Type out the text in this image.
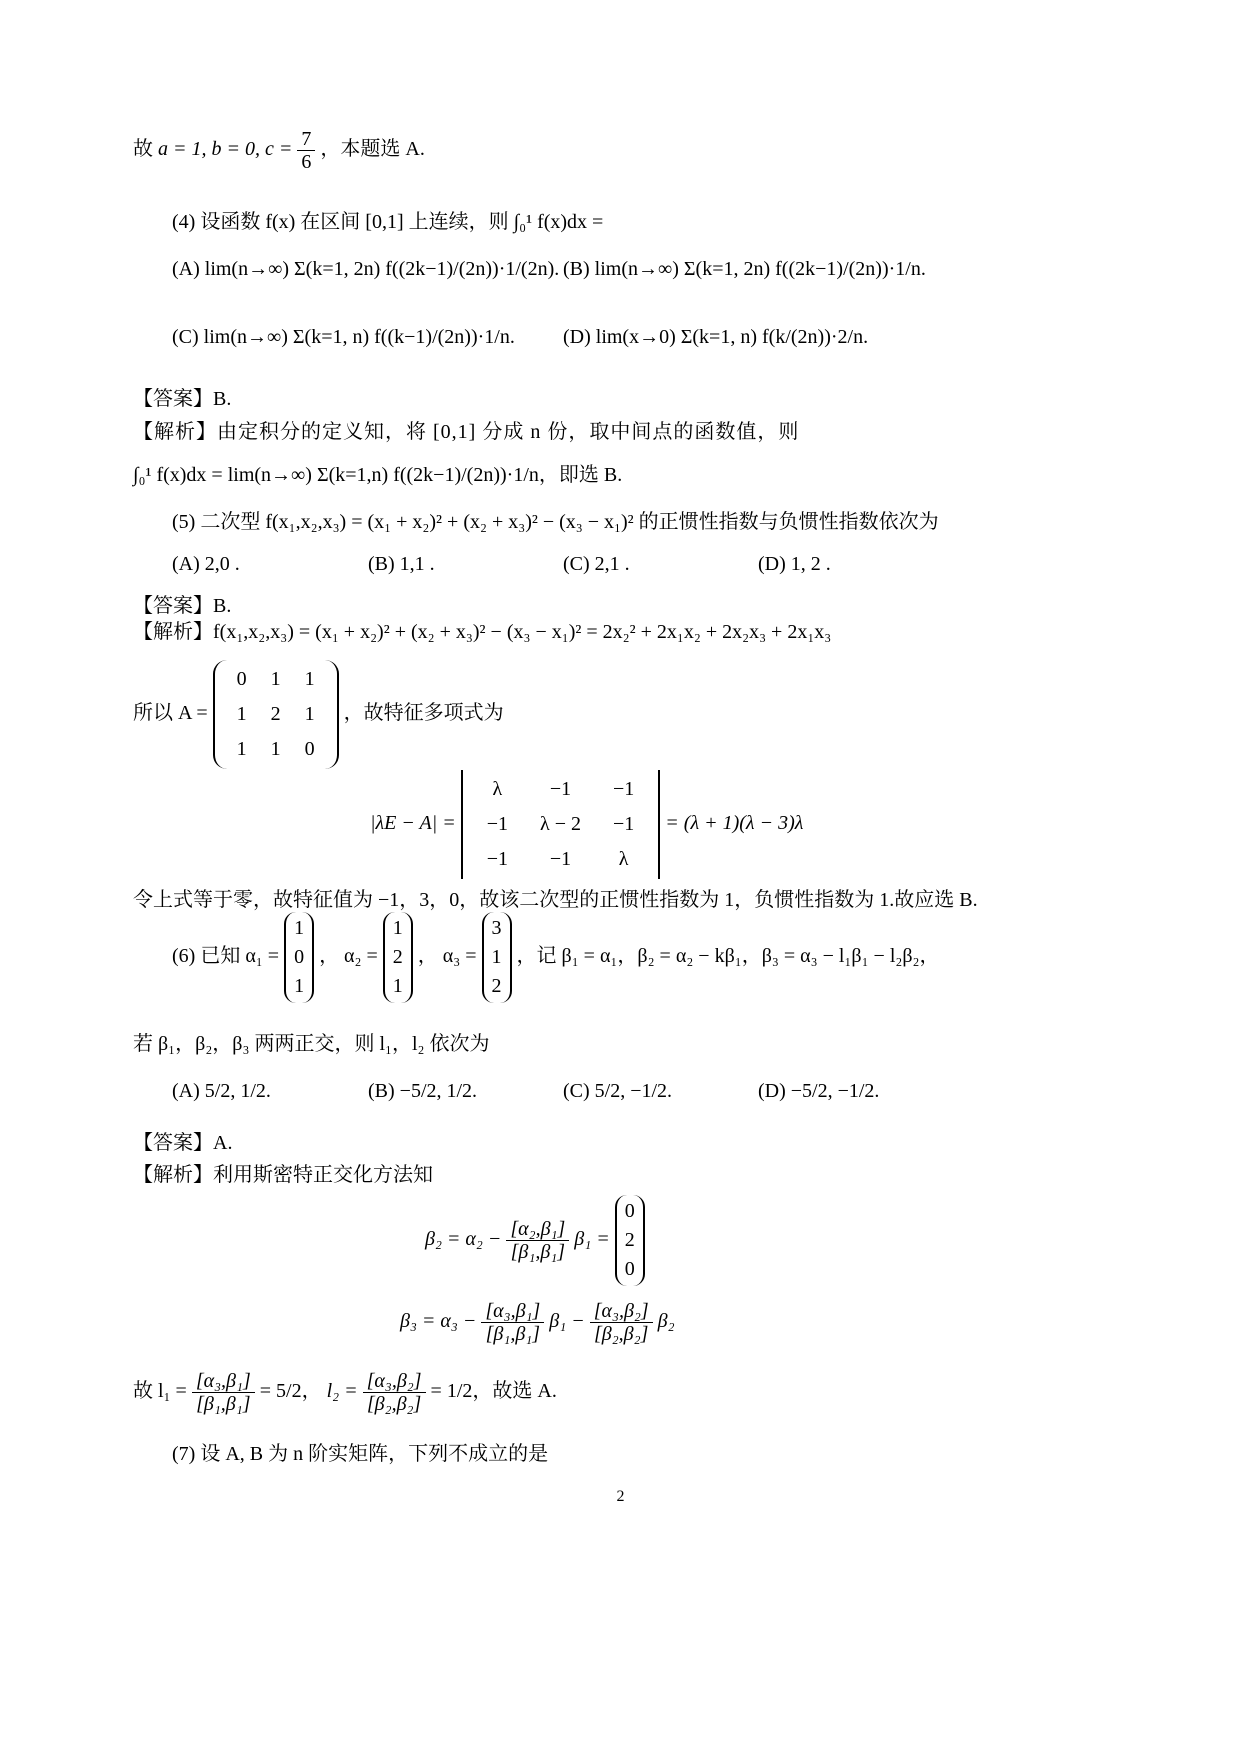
故 a = 1, b = 0, $c = \frac{7}{6}$ ，本题选 A.
(4) 设函数 f(x) 在区间 [0,1] 上连续，则 ∫₀¹ f(x)dx =
(A) lim(n→∞) Σ(k=1, 2n) f((2k−1)/(2n))·1/(2n). (B) lim(n→∞) Σ(k=1, 2n) f((2k−1)/(2n))·1/n.
(C) lim(n→∞) Σ(k=1, n) f((k−1)/(2n))·1/n. (D) lim(x→0) Σ(k=1, n) f(k/(2n))·2/n.
【答案】B.
【解析】由定积分的定义知，将 [0,1] 分成 n 份，取中间点的函数值，则
∫₀¹ f(x)dx = lim(n→∞) Σ(k=1,n) f((2k−1)/(2n))·1/n，即选 B.
(5) 二次型 f(x₁,x₂,x₃) = (x₁ + x₂)² + (x₂ + x₃)² − (x₃ − x₁)² 的正惯性指数与负惯性指数依次为
(A) 2,0 .	(B) 1,1 .	(C) 2,1 .	(D) 1, 2 .
【答案】B.
【解析】f(x₁,x₂,x₃) = (x₁ + x₂)² + (x₂ + x₃)² − (x₃ − x₁)² = 2x₂² + 2x₁x₂ + 2x₂x₃ + 2x₁x₃
所以 A =
0	1	1
1	2	1
1	1	0
，故特征多项式为
|λE − A| =
λ	−1	−1
−1	λ − 2	−1
−1	−1	λ
= (λ + 1)(λ − 3)λ
令上式等于零，故特征值为 −1，3，0，故该二次型的正惯性指数为 1，负惯性指数为 1.故应选 B.
(6) 已知 α₁ = 1
0
1 ， α₂ = 1
2
1 ， α₃ = 3
1
2 ，记 β₁ = α₁，β₂ = α₂ − kβ₁，β₃ = α₃ − l₁β₁ − l₂β₂，
若 β₁，β₂，β₃ 两两正交，则 l₁，l₂ 依次为
(A) 5/2, 1/2.	(B) −5/2, 1/2.	(C) 5/2, −1/2.	(D) −5/2, −1/2.
【答案】A.
【解析】利用斯密特正交化方法知
$\beta_2 = \alpha_2 - \frac{\text{[α₂,β₁]}}{\text{[β₁,β₁]}} \beta_1 = 0$
2
0
$\beta_3 = \alpha_3 - \frac{\text{[α₃,β₁]}}{\text{[β₁,β₁]}} \beta_1 - \frac{\text{[α₃,β₂]}}{\text{[β₂,β₂]}} \beta_2$
故 $l_1 = \frac{\text{[α₃,β₁]}}{\text{[β₁,β₁]}} = 5/2$， $l_2 = \frac{\text{[α₃,β₂]}}{\text{[β₂,β₂]}} = 1/2$，故选 A.
(7) 设 A, B 为 n 阶实矩阵，下列不成立的是
2
